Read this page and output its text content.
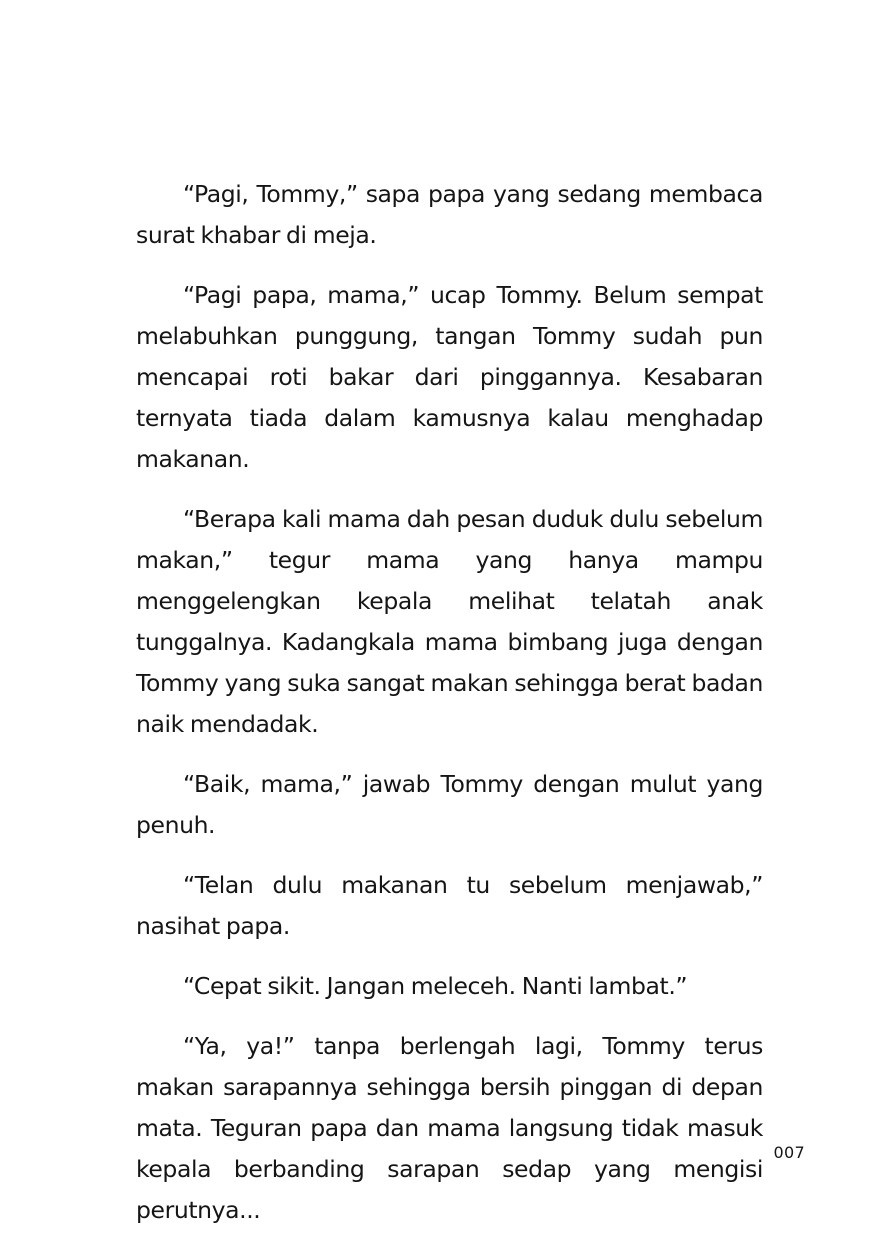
“Pagi, Tommy,” sapa papa yang sedang membaca surat khabar di meja.

“Pagi papa, mama,” ucap Tommy. Belum sempat melabuhkan punggung, tangan Tommy sudah pun mencapai roti bakar dari pinggannya. Kesabaran ternyata tiada dalam kamusnya kalau menghadap makanan.

“Berapa kali mama dah pesan duduk dulu sebelum makan,” tegur mama yang hanya mampu menggelengkan kepala melihat telatah anak tunggalnya. Kadangkala mama bimbang juga dengan Tommy yang suka sangat makan sehingga berat badan naik mendadak.

“Baik, mama,” jawab Tommy dengan mulut yang penuh.

“Telan dulu makanan tu sebelum menjawab,” nasihat papa.

“Cepat sikit. Jangan meleceh. Nanti lambat.”

“Ya, ya!” tanpa berlengah lagi, Tommy terus makan sarapannya sehingga bersih pinggan di depan mata. Teguran papa dan mama langsung tidak masuk kepala berbanding sarapan sedap yang mengisi perutnya...

007
